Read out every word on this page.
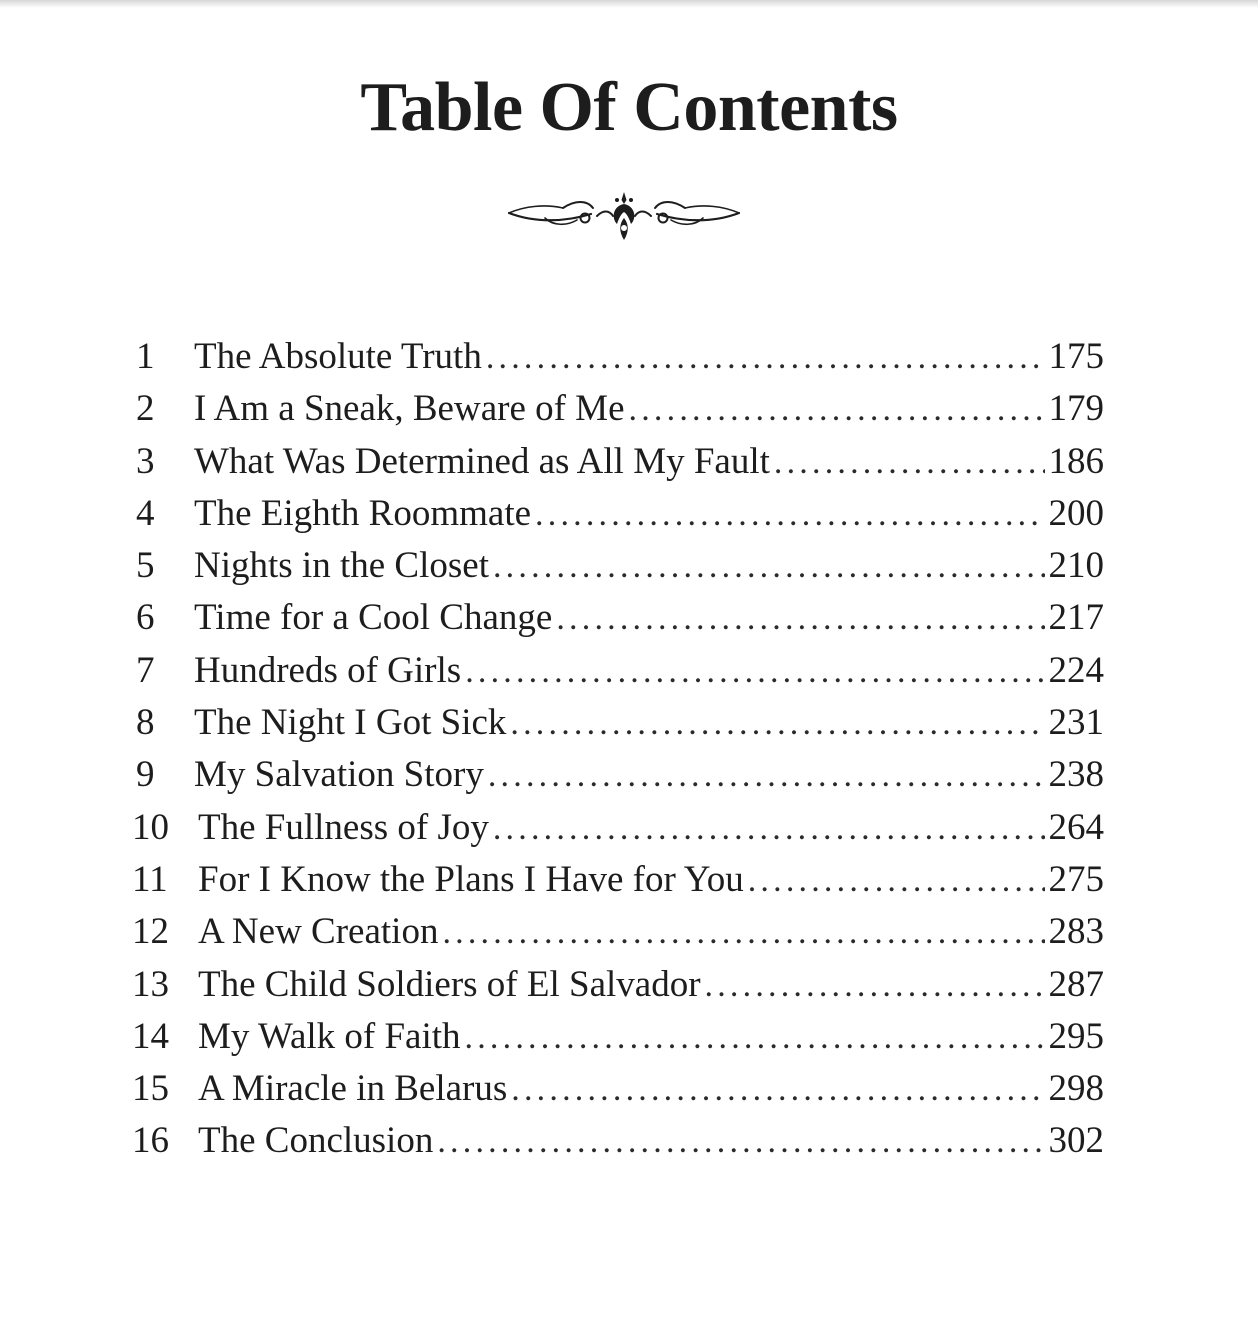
Table Of Contents
1	The Absolute Truth .....	175
2	I Am a Sneak, Beware of Me .....	179
3	What Was Determined as All My Fault .....	186
4	The Eighth Roommate .....	200
5	Nights in the Closet .....	210
6	Time for a Cool Change .....	217
7	Hundreds of Girls .....	224
8	The Night I Got Sick .....	231
9	My Salvation Story .....	238
10 The Fullness of Joy .....	264
11 For I Know the Plans I Have for You .....	275
12 A New Creation .....	283
13 The Child Soldiers of El Salvador .....	287
14 My Walk of Faith .....	295
15 A Miracle in Belarus .....	298
16 The Conclusion .....	302
